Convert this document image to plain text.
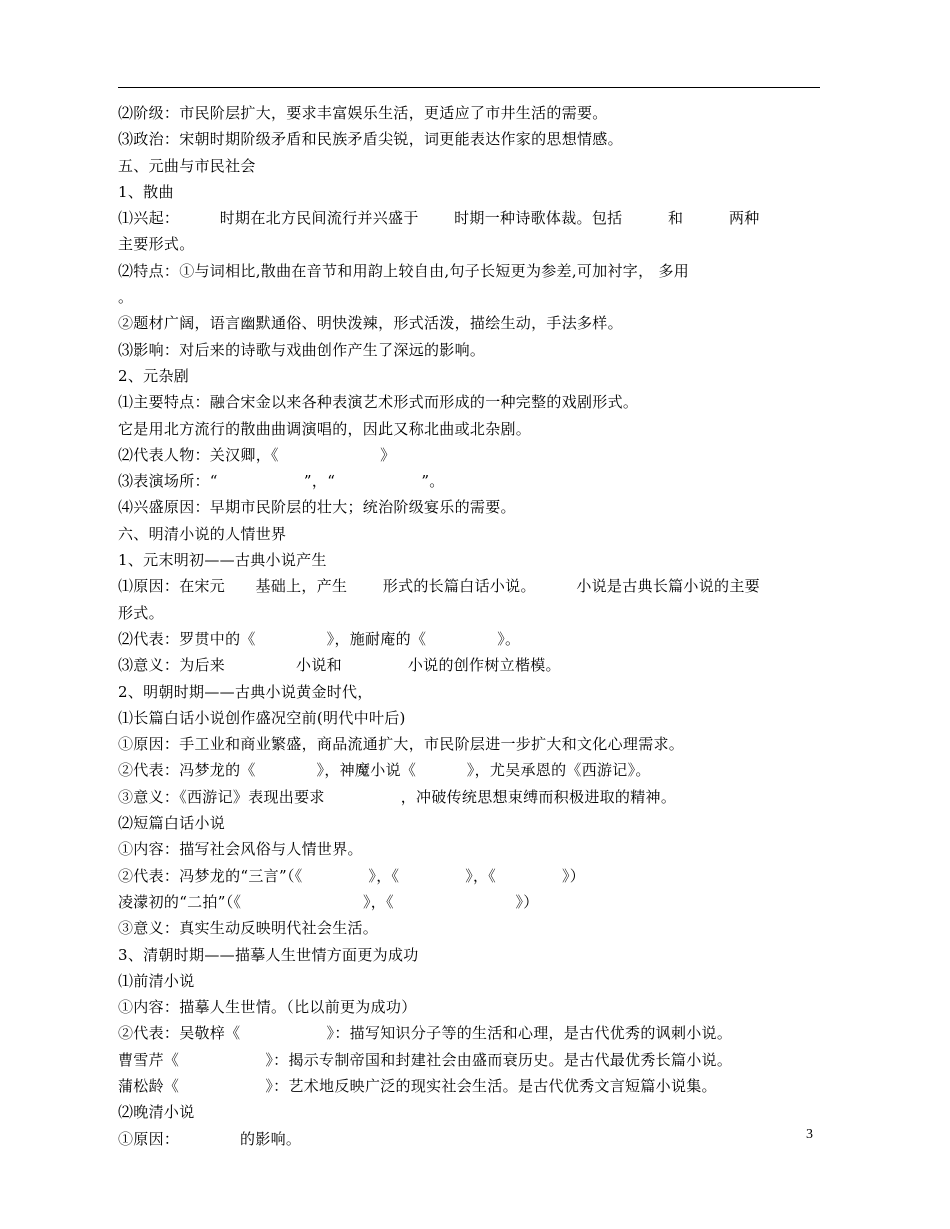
⑵阶级：市民阶层扩大，要求丰富娱乐生活，更适应了市井生活的需要。
⑶政治：宋朝时期阶级矛盾和民族矛盾尖锐，词更能表达作家的思想情感。
五、元曲与市民社会
1、散曲
⑴兴起：        时期在北方民间流行并兴盛于       时期一种诗歌体裁。包括         和         两种
主要形式。
⑵特点：①与词相比,散曲在音节和用韵上较自由,句子长短更为参差,可加衬字， 多用
。
②题材广阔，语言幽默通俗、明快泼辣，形式活泼，描绘生动，手法多样。
⑶影响：对后来的诗歌与戏曲创作产生了深远的影响。
2、元杂剧
⑴主要特点：融合宋金以来各种表演艺术形式而形成的一种完整的戏剧形式。
它是用北方流行的散曲曲调演唱的，因此又称北曲或北杂剧。
⑵代表人物：关汉卿，《                    》
⑶表演场所：“                 ”，“                 ”。
⑷兴盛原因：早期市民阶层的壮大；统治阶级宴乐的需要。
六、明清小说的人情世界
1、元末明初——古典小说产生
⑴原因：在宋元      基础上，产生       形式的长篇白话小说。        小说是古典长篇小说的主要
形式。
⑵代表：罗贯中的《              》，施耐庵的《              》。
⑶意义：为后来              小说和             小说的创作树立楷模。
2、明朝时期——古典小说黄金时代，
⑴长篇白话小说创作盛况空前(明代中叶后)
①原因：手工业和商业繁盛，商品流通扩大，市民阶层进一步扩大和文化心理需求。
②代表：冯梦龙的《            》，神魔小说《          》，尤吴承恩的《西游记》。
③意义：《西游记》表现出要求               ，冲破传统思想束缚而积极进取的精神。
⑵短篇白话小说
①内容：描写社会风俗与人情世界。
②代表：冯梦龙的“三言”（《             》，《             》，《             》）
凌濛初的“二拍”（《                        》，《                        》）
③意义：真实生动反映明代社会生活。
3、清朝时期——描摹人生世情方面更为成功
⑴前清小说
①内容：描摹人生世情。（比以前更为成功）
②代表：吴敬梓《                 》：描写知识分子等的生活和心理，是古代优秀的讽刺小说。
曹雪芹《                 》：揭示专制帝国和封建社会由盛而衰历史。是古代最优秀长篇小说。
蒲松龄《                 》：艺术地反映广泛的现实社会生活。是古代优秀文言短篇小说集。
⑵晚清小说
①原因：            的影响。	3
